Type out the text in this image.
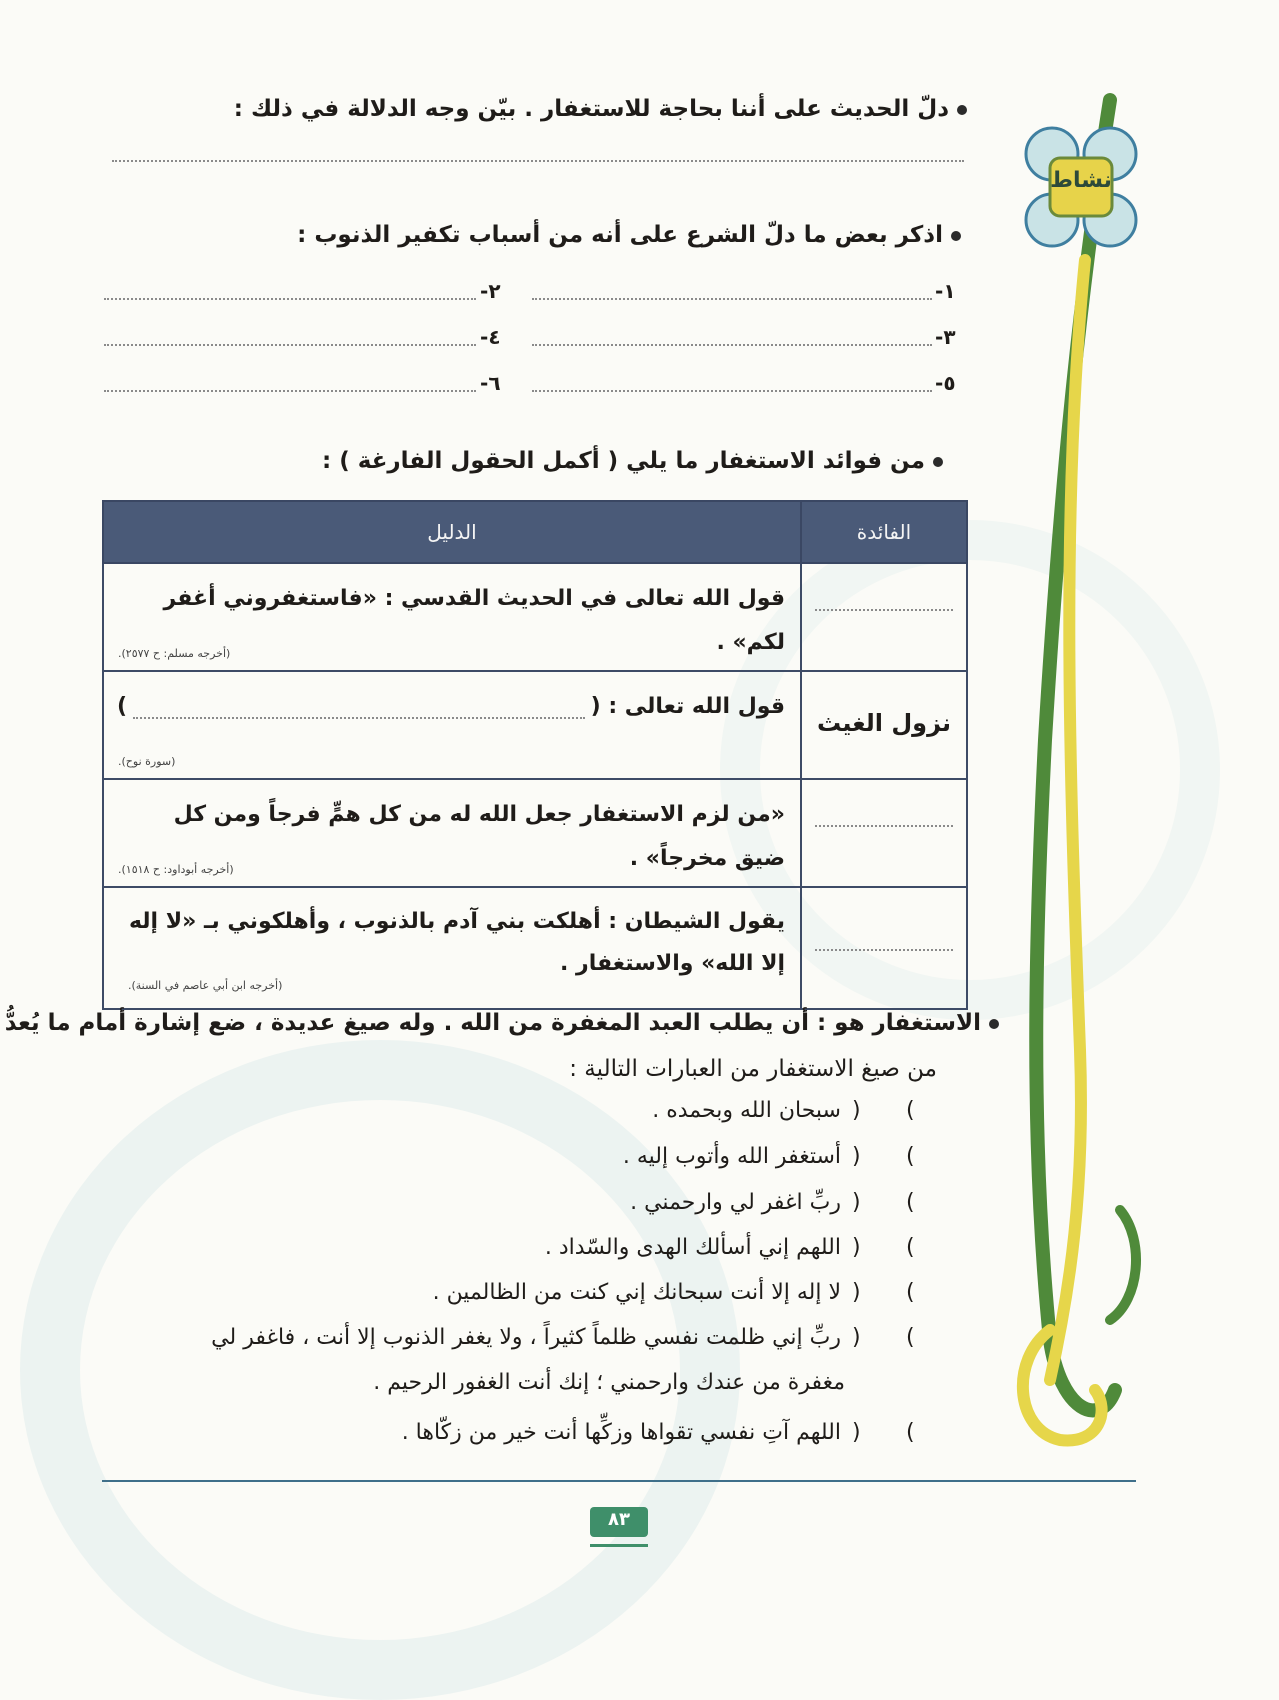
نشاط
دلّ الحديث على أننا بحاجة للاستغفار . بيّن وجه الدلالة في ذلك :
اذكر بعض ما دلّ الشرع على أنه من أسباب تكفير الذنوب :
١-
٢-
٣-
٤-
٥-
٦-
من فوائد الاستغفار ما يلي ( أكمل الحقول الفارغة ) :
الفائدة	الدليل

	قول الله تعالى في الحديث القدسي : «فاستغفروني أغفر لكم» .
(أخرجه مسلم: ح ٢٥٧٧).

نزول الغيث	قول الله تعالى : (
)
(سورة نوح).

	«من لزم الاستغفار جعل الله له من كل همٍّ فرجاً ومن كل ضيق مخرجاً» .
(أخرجه أبوداود: ح ١٥١٨).

	يقول الشيطان : أهلكت بني آدم بالذنوب ، وأهلكوني بـ «لا إله إلا الله» والاستغفار .
(أخرجه ابن أبي عاصم في السنة).
الاستغفار هو : أن يطلب العبد المغفرة من الله . وله صيغ عديدة ، ضع إشارة أمام ما يُعدُّ
من صيغ الاستغفار من العبارات التالية :
(
)
سبحان الله وبحمده .
(
)
أستغفر الله وأتوب إليه .
(
)
ربِّ اغفر لي وارحمني .
(
)
اللهم إني أسألك الهدى والسّداد .
(
)
لا إله إلا أنت سبحانك إني كنت من الظالمين .
(
)
ربِّ إني ظلمت نفسي ظلماً كثيراً ، ولا يغفر الذنوب إلا أنت ، فاغفر لي
مغفرة من عندك وارحمني ؛ إنك أنت الغفور الرحيم .
(
)
اللهم آتِ نفسي تقواها وزكِّها أنت خير من زكّاها .
٨٣
